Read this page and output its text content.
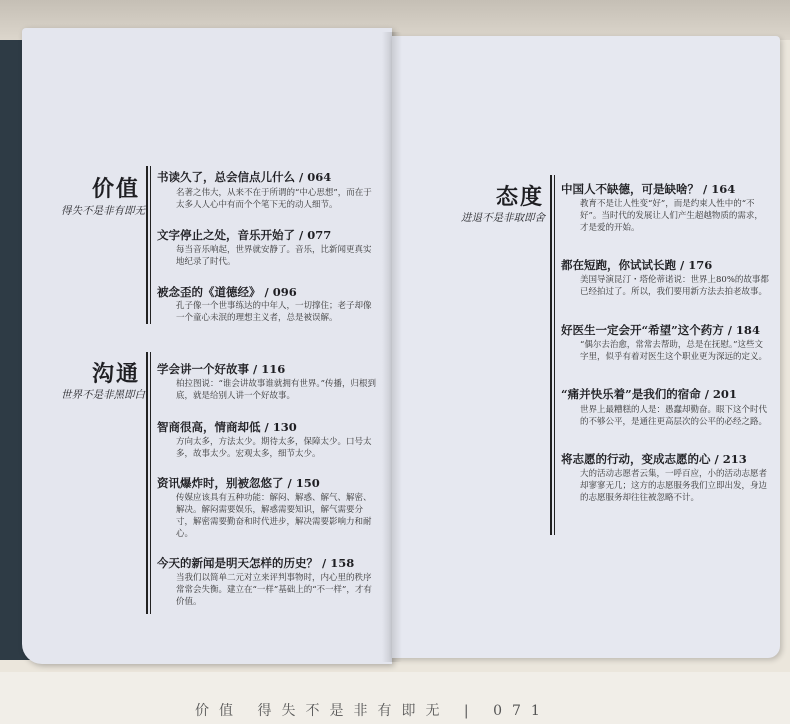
价值
得失不是非有即无
书读久了，总会信点儿什么 / 064
名著之伟大，从来不在于所谓的“中心思想”，而在于太多人人心中有而个个笔下无的动人细节。
文字停止之处，音乐开始了 / 077
每当音乐响起，世界就安静了。音乐，比新闻更真实地纪录了时代。
被念歪的《道德经》 / 096
孔子像一个世事练达的中年人，一切撑住；老子却像一个童心未泯的理想主义者，总是被误解。
沟通
世界不是非黑即白
学会讲一个好故事 / 116
柏拉图说：“谁会讲故事谁就拥有世界。”传播，归根到底，就是给别人讲一个好故事。
智商很高，情商却低 / 130
方向太多，方法太少。期待太多，保障太少。口号太多，故事太少。宏观太多，细节太少。
资讯爆炸时，别被忽悠了 / 150
传媒应该具有五种功能：解闷、解惑、解气、解密、解决。解闷需要娱乐，解惑需要知识，解气需要分寸，解密需要勤奋和时代进步，解决需要影响力和耐心。
今天的新闻是明天怎样的历史？ / 158
当我们以简单二元对立来评判事物时，内心里的秩序常常会失衡。建立在“一样”基础上的“不一样”，才有价值。
态度
进退不是非取即舍
中国人不缺德，可是缺啥？ / 164
教育不是让人性变“好”，而是约束人性中的“不好”。当时代的发展让人们产生超越物质的需求，才是爱的开始。
都在短跑，你试试长跑 / 176
美国导演昆汀・塔伦蒂诺说：世界上80%的故事都已经拍过了。所以，我们要用新方法去拍老故事。
好医生一定会开“希望”这个药方 / 184
“偶尔去治愈，常常去帮助，总是在抚慰。”这些文字里，似乎有着对医生这个职业更为深远的定义。
“痛并快乐着”是我们的宿命 / 201
世界上最糟糕的人是：愚蠢却勤奋。眼下这个时代的不够公平，是通往更高层次的公平的必经之路。
将志愿的行动，变成志愿的心 / 213
大的活动志愿者云集，一呼百应，小的活动志愿者却寥寥无几；这方的志愿服务我们立即出发，身边的志愿服务却往往被忽略不计。
价值 得失不是非有即无 | 071
